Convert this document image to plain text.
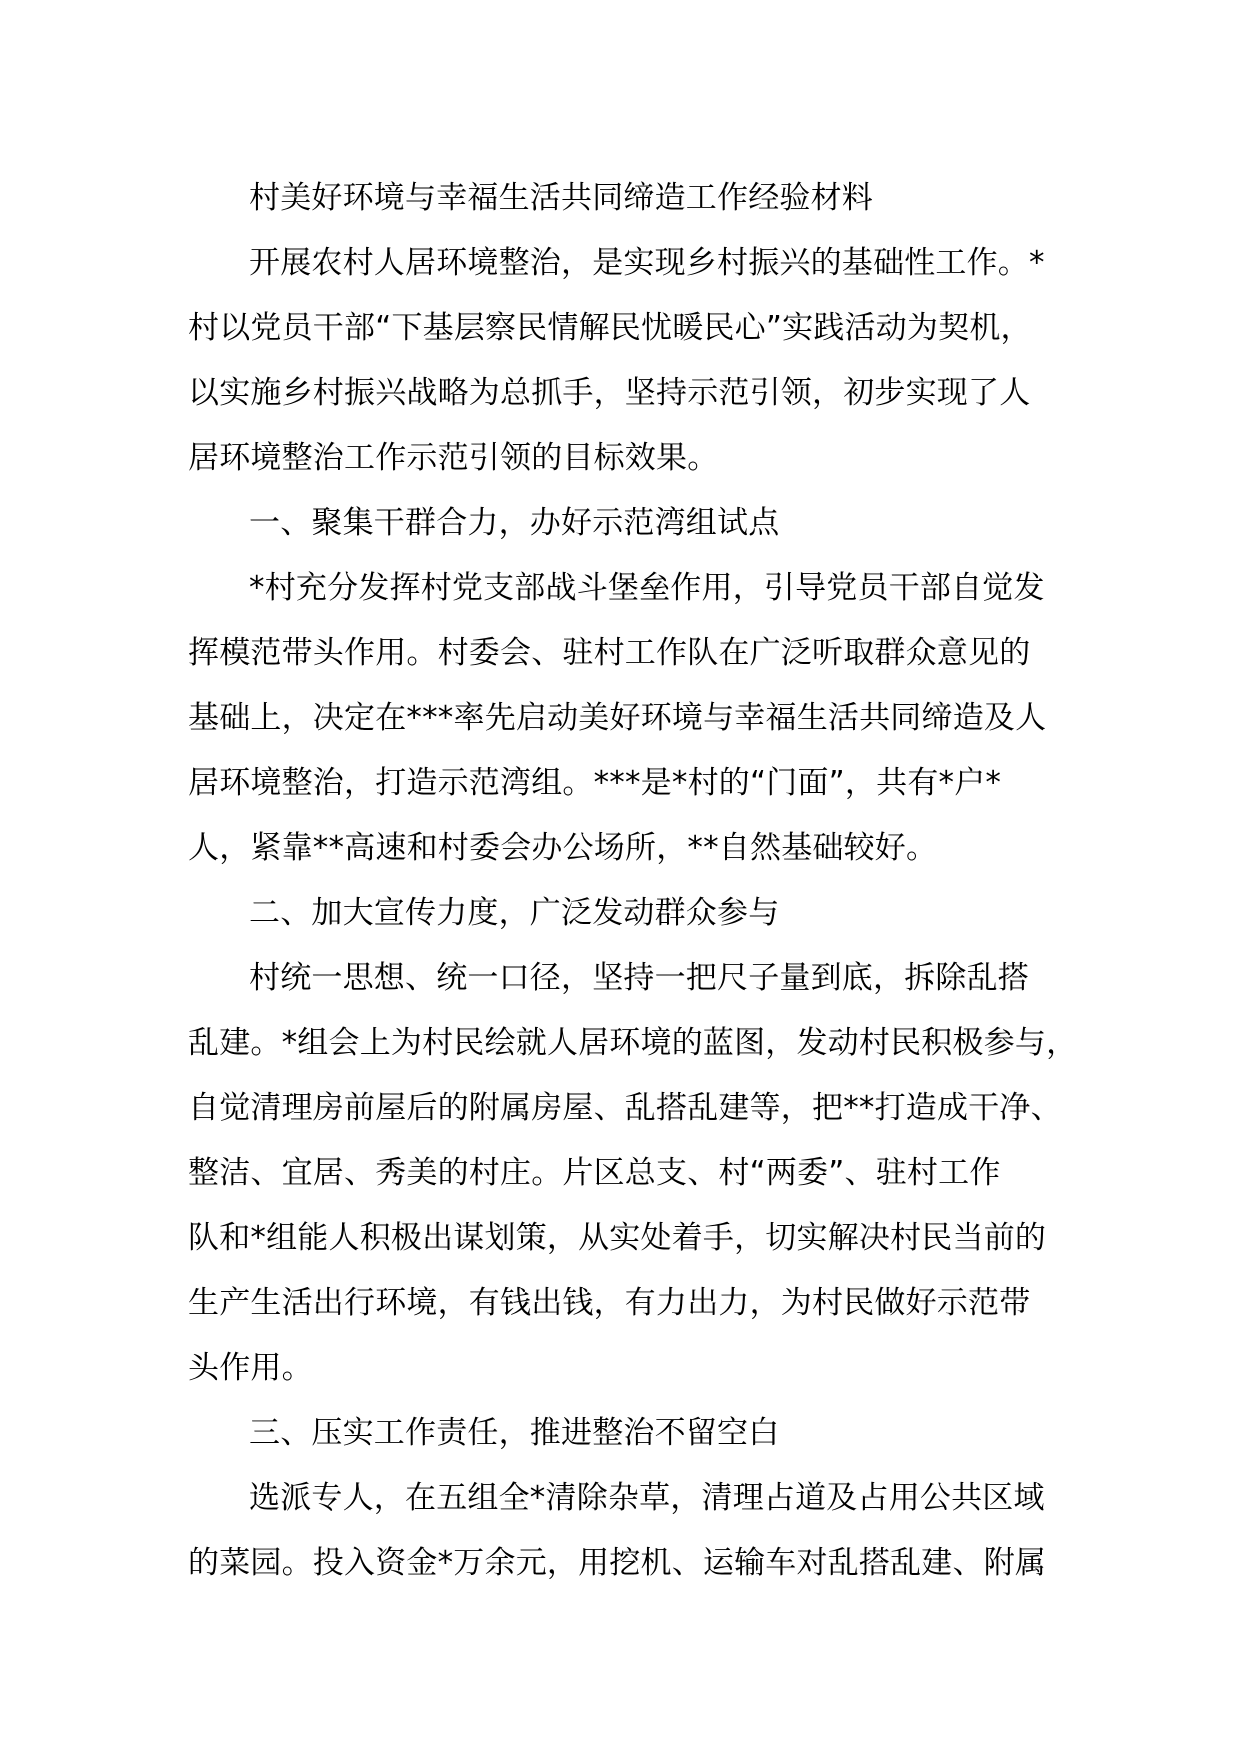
村美好环境与幸福生活共同缔造工作经验材料
开展农村人居环境整治，是实现乡村振兴的基础性工作。*
村以党员干部“下基层察民情解民忧暖民心”实践活动为契机，
以实施乡村振兴战略为总抓手，坚持示范引领，初步实现了人
居环境整治工作示范引领的目标效果。
一、聚集干群合力，办好示范湾组试点
*村充分发挥村党支部战斗堡垒作用，引导党员干部自觉发
挥模范带头作用。村委会、驻村工作队在广泛听取群众意见的
基础上，决定在***率先启动美好环境与幸福生活共同缔造及人
居环境整治，打造示范湾组。***是*村的“门面”，共有*户*
人，紧靠**高速和村委会办公场所，**自然基础较好。
二、加大宣传力度，广泛发动群众参与
村统一思想、统一口径，坚持一把尺子量到底，拆除乱搭
乱建。*组会上为村民绘就人居环境的蓝图，发动村民积极参与，
自觉清理房前屋后的附属房屋、乱搭乱建等，把**打造成干净、
整洁、宜居、秀美的村庄。片区总支、村“两委”、驻村工作
队和*组能人积极出谋划策，从实处着手，切实解决村民当前的
生产生活出行环境，有钱出钱，有力出力，为村民做好示范带
头作用。
三、压实工作责任，推进整治不留空白
选派专人，在五组全*清除杂草，清理占道及占用公共区域
的菜园。投入资金*万余元，用挖机、运输车对乱搭乱建、附属
